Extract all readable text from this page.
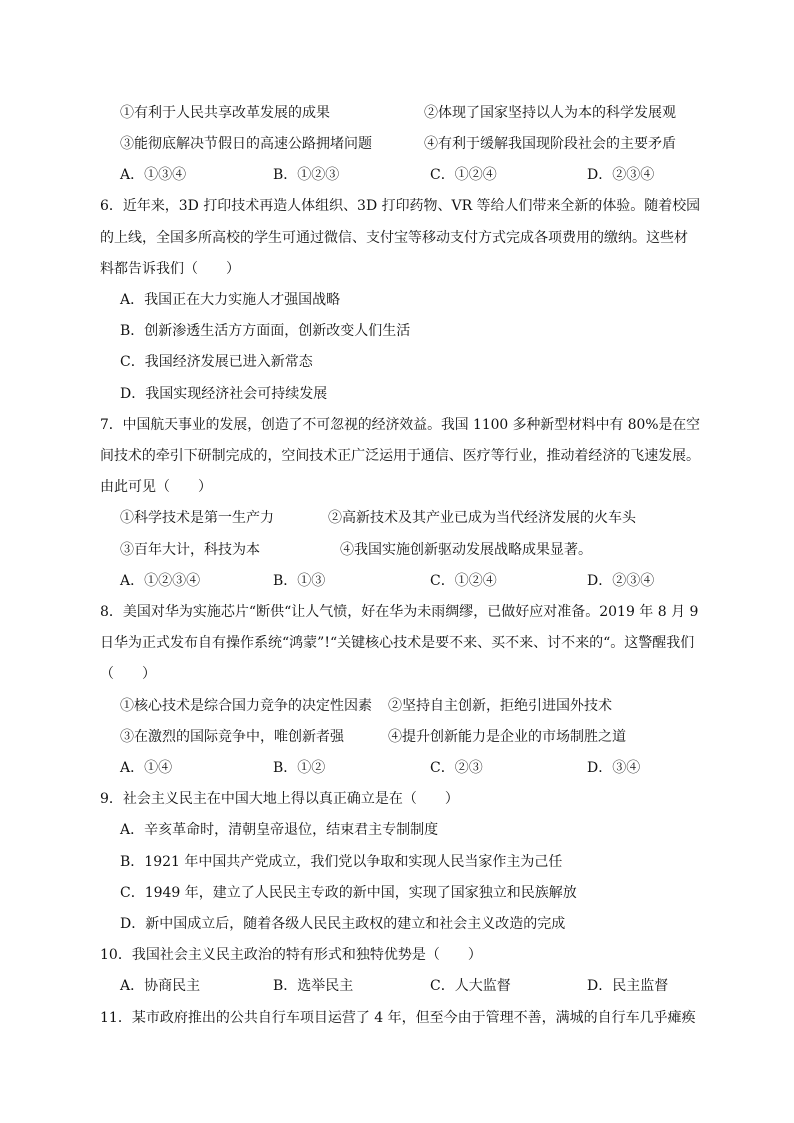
①有利于人民共享改革发展的成果	②体现了国家坚持以人为本的科学发展观
③能彻底解决节假日的高速公路拥堵问题	④有利于缓解我国现阶段社会的主要矛盾
A．①③④	B．①②③	C．①②④	D．②③④
6．近年来，3D 打印技术再造人体组织、3D 打印药物、VR 等给人们带来全新的体验。随着校园
的上线，全国多所高校的学生可通过微信、支付宝等移动支付方式完成各项费用的缴纳。这些材
料都告诉我们（　　）
A．我国正在大力实施人才强国战略
B．创新渗透生活方方面面，创新改变人们生活
C．我国经济发展已进入新常态
D．我国实现经济社会可持续发展
7．中国航天事业的发展，创造了不可忽视的经济效益。我国 1100 多种新型材料中有 80%是在空
间技术的牵引下研制完成的，空间技术正广泛运用于通信、医疗等行业，推动着经济的飞速发展。
由此可见（　　）
①科学技术是第一生产力	②高新技术及其产业已成为当代经济发展的火车头
③百年大计，科技为本	④我国实施创新驱动发展战略成果显著。
A．①②③④	B．①③	C．①②④	D．②③④
8．美国对华为实施芯片“断供“让人气愤，好在华为未雨绸缪，已做好应对准备。2019 年 8 月 9
日华为正式发布自有操作系统“鸿蒙”!“关键核心技术是要不来、买不来、讨不来的“。这警醒我们
（　　）
①核心技术是综合国力竞争的决定性因素 ②坚持自主创新，拒绝引进国外技术
③在激烈的国际竞争中，唯创新者强	④提升创新能力是企业的市场制胜之道
A．①④	B．①②	C．②③	D．③④
9．社会主义民主在中国大地上得以真正确立是在（　　）
A．辛亥革命时，清朝皇帝退位，结束君主专制制度
B．1921 年中国共产党成立，我们党以争取和实现人民当家作主为己任
C．1949 年，建立了人民民主专政的新中国，实现了国家独立和民族解放
D．新中国成立后，随着各级人民民主政权的建立和社会主义改造的完成
10．我国社会主义民主政治的特有形式和独特优势是（　　）
A．协商民主	B．选举民主	C．人大监督	D．民主监督
11．某市政府推出的公共自行车项目运营了 4 年，但至今由于管理不善，满城的自行车几乎瘫痪
